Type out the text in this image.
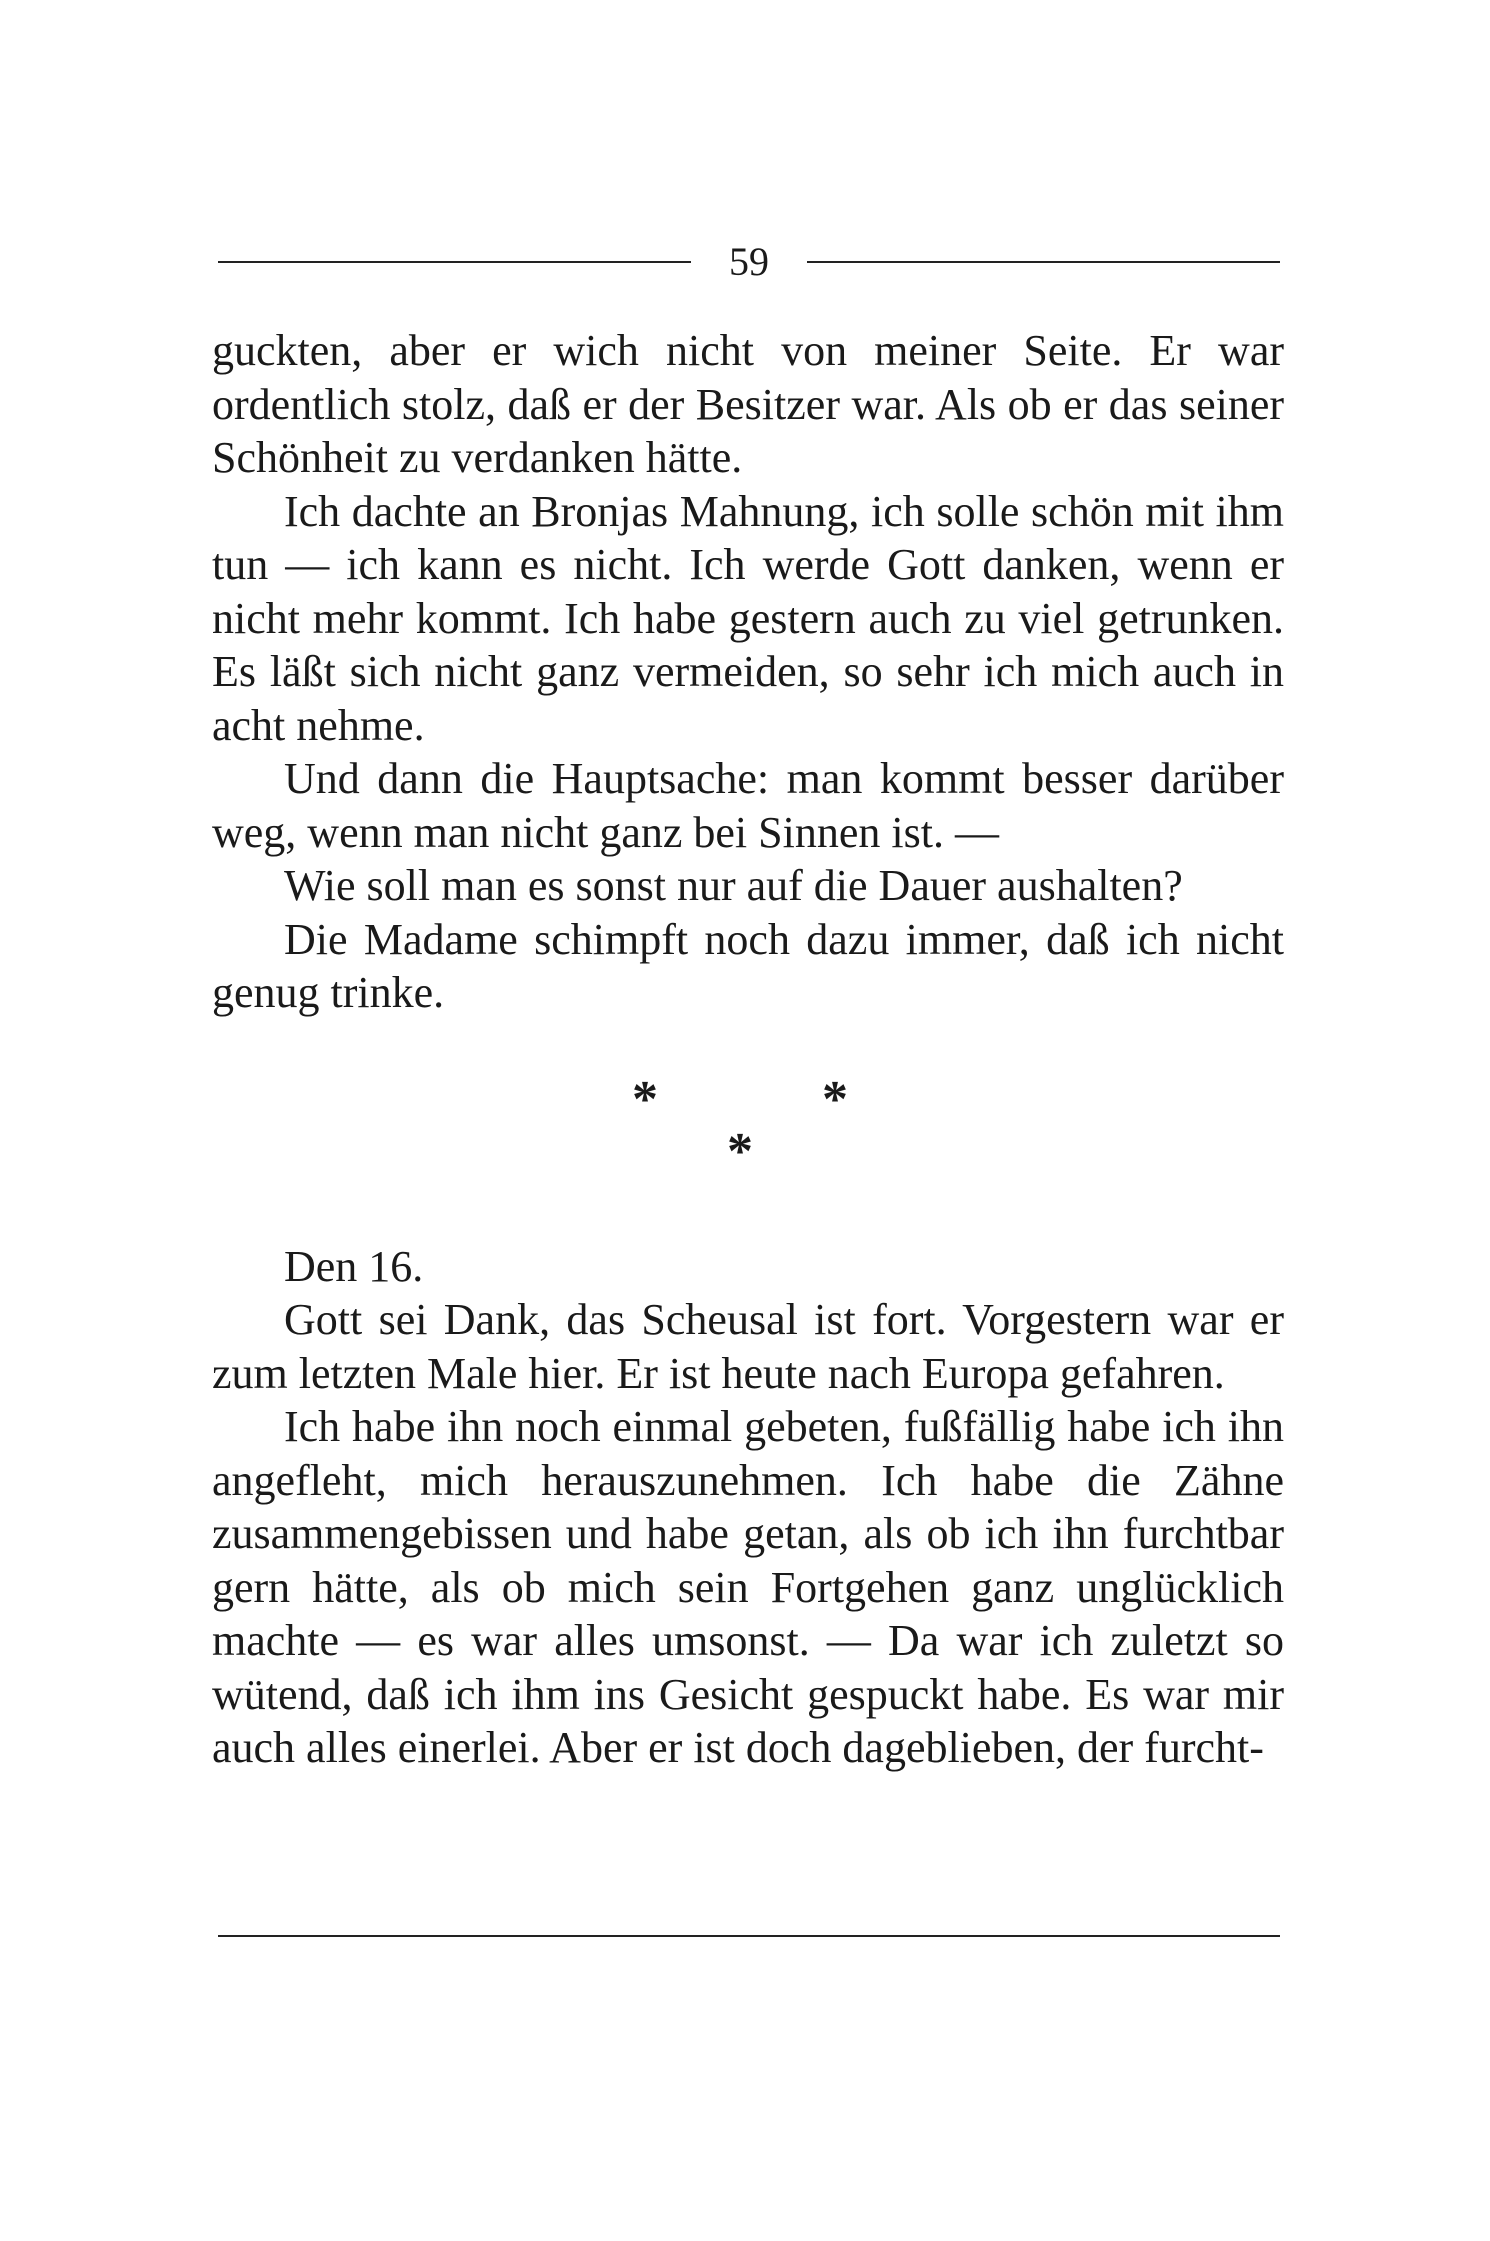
59

guckten, aber er wich nicht von meiner Seite. Er war ordentlich stolz, daß er der Besitzer war. Als ob er das seiner Schönheit zu verdanken hätte.

Ich dachte an Bronjas Mahnung, ich solle schön mit ihm tun — ich kann es nicht. Ich werde Gott danken, wenn er nicht mehr kommt. Ich habe gestern auch zu viel getrunken. Es läßt sich nicht ganz vermeiden, so sehr ich mich auch in acht nehme.

Und dann die Hauptsache: man kommt besser darüber weg, wenn man nicht ganz bei Sinnen ist. —

Wie soll man es sonst nur auf die Dauer aushalten?

Die Madame schimpft noch dazu immer, daß ich nicht genug trinke.

*	*
*

Den 16.

Gott sei Dank, das Scheusal ist fort. Vorgestern war er zum letzten Male hier. Er ist heute nach Europa gefahren.

Ich habe ihn noch einmal gebeten, fußfällig habe ich ihn angefleht, mich herauszunehmen. Ich habe die Zähne zusammengebissen und habe getan, als ob ich ihn furchtbar gern hätte, als ob mich sein Fortgehen ganz unglücklich machte — es war alles umsonst. — Da war ich zuletzt so wütend, daß ich ihm ins Gesicht gespuckt habe. Es war mir auch alles einerlei. Aber er ist doch dageblieben, der furcht-
